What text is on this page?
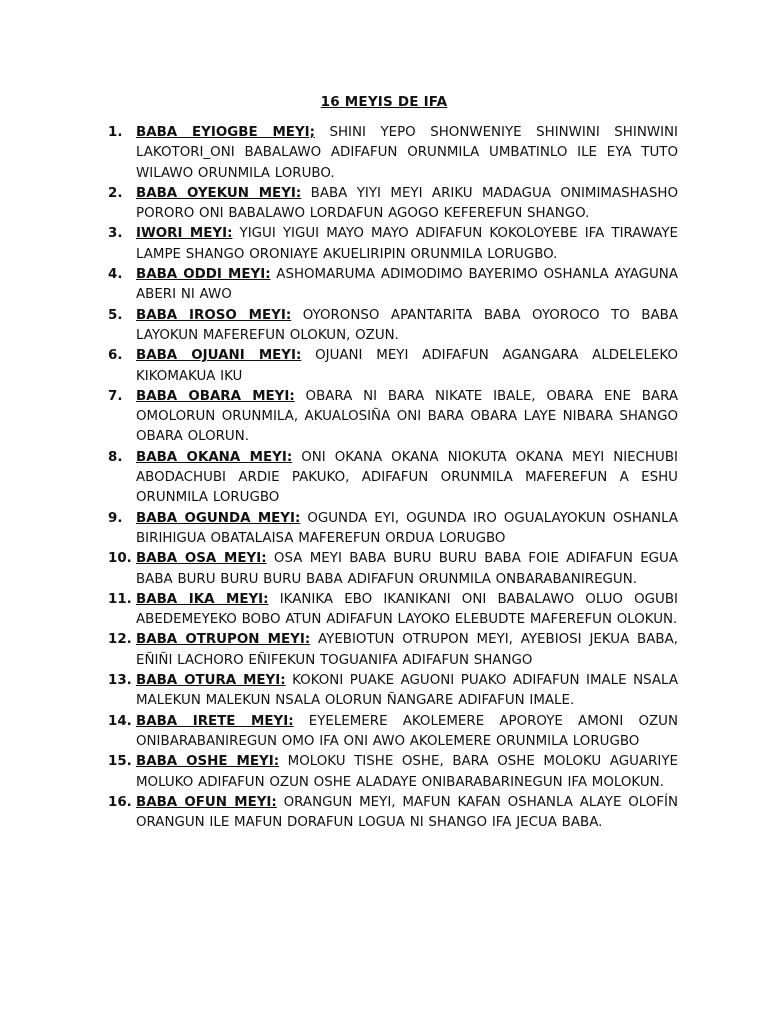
16 MEYIS DE IFA
1. BABA EYIOGBE MEYI; SHINI YEPO SHONWENIYE SHINWINI SHINWINI LAKOTORI_ONI BABALAWO ADIFAFUN ORUNMILA UMBATINLO ILE EYA TUTO WILAWO ORUNMILA LORUBO.
2. BABA OYEKUN MEYI: BABA YIYI MEYI ARIKU MADAGUA ONIMIMASHASHO PORORO ONI BABALAWO LORDAFUN AGOGO KEFEREFUN SHANGO.
3. IWORI MEYI: YIGUI YIGUI MAYO MAYO ADIFAFUN KOKOLOYEBE IFA TIRAWAYE LAMPE SHANGO ORONIAYE AKUELIRIPIN ORUNMILA LORUGBO.
4. BABA ODDI MEYI: ASHOMARUMA ADIMODIMO BAYERIMO OSHANLA AYAGUNA ABERI NI AWO
5. BABA IROSO MEYI: OYORONSO APANTARITA BABA OYOROCO TO BABA LAYOKUN MAFEREFUN OLOKUN, OZUN.
6. BABA OJUANI MEYI: OJUANI MEYI ADIFAFUN AGANGARA ALDELELEKO KIKOMAKUA IKU
7. BABA OBARA MEYI: OBARA NI BARA NIKATE IBALE, OBARA ENE BARA OMOLORUN ORUNMILA, AKUALOSIÑA ONI BARA OBARA LAYE NIBARA SHANGO OBARA OLORUN.
8. BABA OKANA MEYI: ONI OKANA OKANA NIOKUTA OKANA MEYI NIECHUBI ABODACHUBI ARDIE PAKUKO, ADIFAFUN ORUNMILA MAFEREFUN A ESHU ORUNMILA LORUGBO
9. BABA OGUNDA MEYI: OGUNDA EYI, OGUNDA IRO OGUALAYOKUN OSHANLA BIRIHIGUA OBATALAISA MAFEREFUN ORDUA LORUGBO
10. BABA OSA MEYI: OSA MEYI BABA BURU BURU BABA FOIE ADIFAFUN EGUA BABA BURU BURU BURU BABA ADIFAFUN ORUNMILA ONBARABANIREGUN.
11. BABA IKA MEYI: IKANIKA EBO IKANIKANI ONI BABALAWO OLUO OGUBI ABEDEMEYEKO BOBO ATUN ADIFAFUN LAYOKO ELEBUDTE MAFEREFUN OLOKUN.
12. BABA OTRUPON MEYI: AYEBIOTUN OTRUPON MEYI, AYEBIOSI JEKUA BABA, EÑIÑI LACHORO EÑIFEKUN TOGUANIFA ADIFAFUN SHANGO
13. BABA OTURA MEYI: KOKONI PUAKE AGUONI PUAKO ADIFAFUN IMALE NSALA MALEKUN MALEKUN NSALA OLORUN ÑANGARE ADIFAFUN IMALE.
14. BABA IRETE MEYI: EYELEMERE AKOLEMERE APOROYE AMONI OZUN ONIBARABANIREGUN OMO IFA ONI AWO AKOLEMERE ORUNMILA LORUGBO
15. BABA OSHE MEYI: MOLOKU TISHE OSHE, BARA OSHE MOLOKU AGUARIYE MOLUKO ADIFAFUN OZUN OSHE ALADAYE ONIBARABARINEGUN IFA MOLOKUN.
16. BABA OFUN MEYI: ORANGUN MEYI, MAFUN KAFAN OSHANLA ALAYE OLOFÍN ORANGUN ILE MAFUN DORAFUN LOGUA NI SHANGO IFA JECUA BABA.
